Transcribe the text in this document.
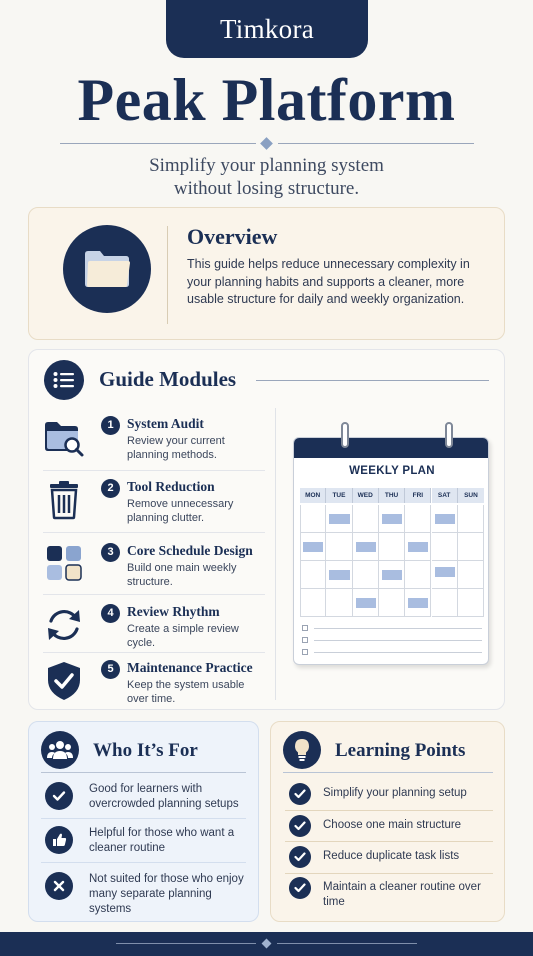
Timkora
Peak Platform
Simplify your planning system
without losing structure.
Overview
This guide helps reduce unnecessary complexity in your planning habits and supports a cleaner, more usable structure for daily and weekly organization.
Guide Modules
1 System Audit
Review your current planning methods.
2 Tool Reduction
Remove unnecessary planning clutter.
3 Core Schedule Design
Build one main weekly structure.
4 Review Rhythm
Create a simple review cycle.
5 Maintenance Practice
Keep the system usable over time.
WEEKLY PLAN
MON	TUE	WED	THU	FRI	SAT	SUN
Who It’s For
Good for learners with overcrowded planning setups
Helpful for those who want a cleaner routine
Not suited for those who enjoy many separate planning systems
Learning Points
Simplify your planning setup
Choose one main structure
Reduce duplicate task lists
Maintain a cleaner routine over time
